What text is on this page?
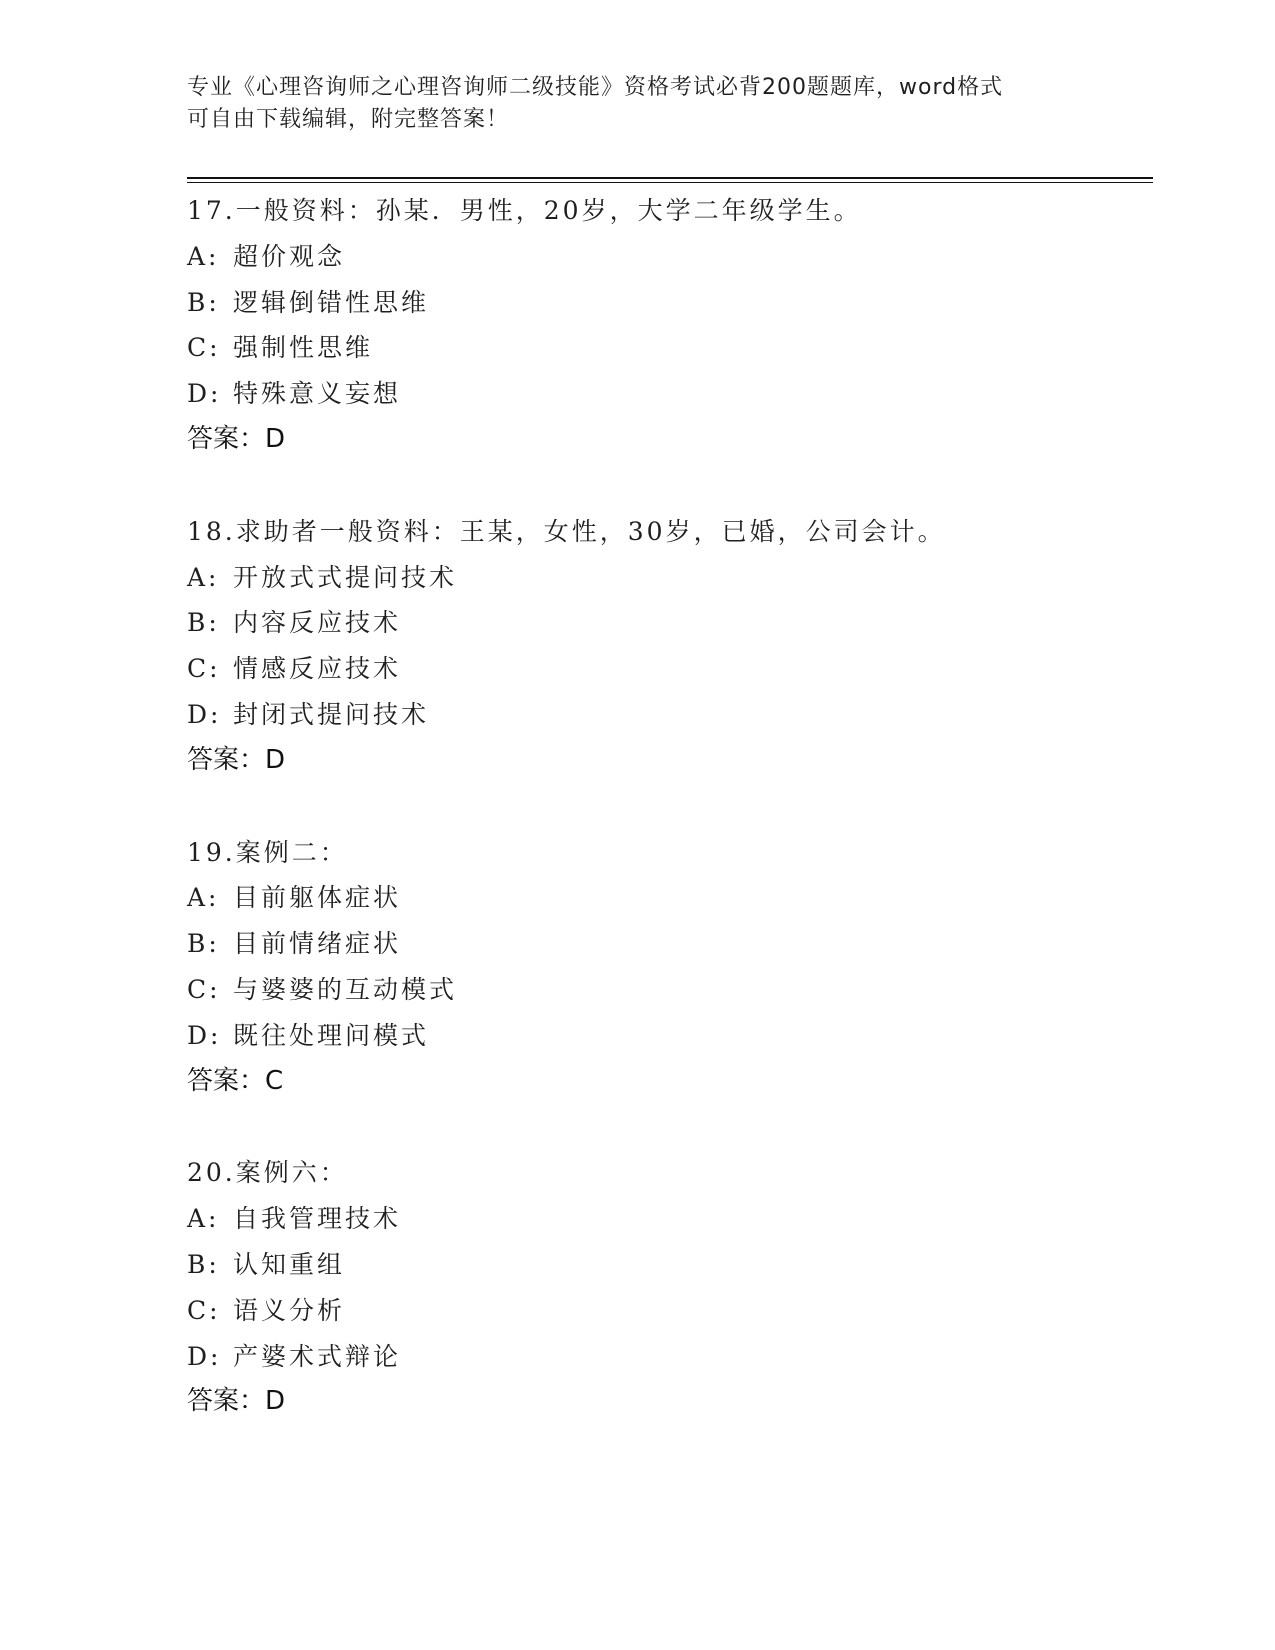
专业《心理咨询师之心理咨询师二级技能》资格考试必背200题题库，word格式
可自由下载编辑，附完整答案！
17.一般资料：孙某．男性，20岁，大学二年级学生。
A: 超价观念
B: 逻辑倒错性思维
C: 强制性思维
D: 特殊意义妄想
答案：D
18.求助者一般资料：王某，女性，30岁，已婚，公司会计。
A: 开放式式提问技术
B: 内容反应技术
C: 情感反应技术
D: 封闭式提问技术
答案：D
19.案例二：
A: 目前躯体症状
B: 目前情绪症状
C: 与婆婆的互动模式
D: 既往处理问模式
答案：C
20.案例六：
A: 自我管理技术
B: 认知重组
C: 语义分析
D: 产婆术式辩论
答案：D
